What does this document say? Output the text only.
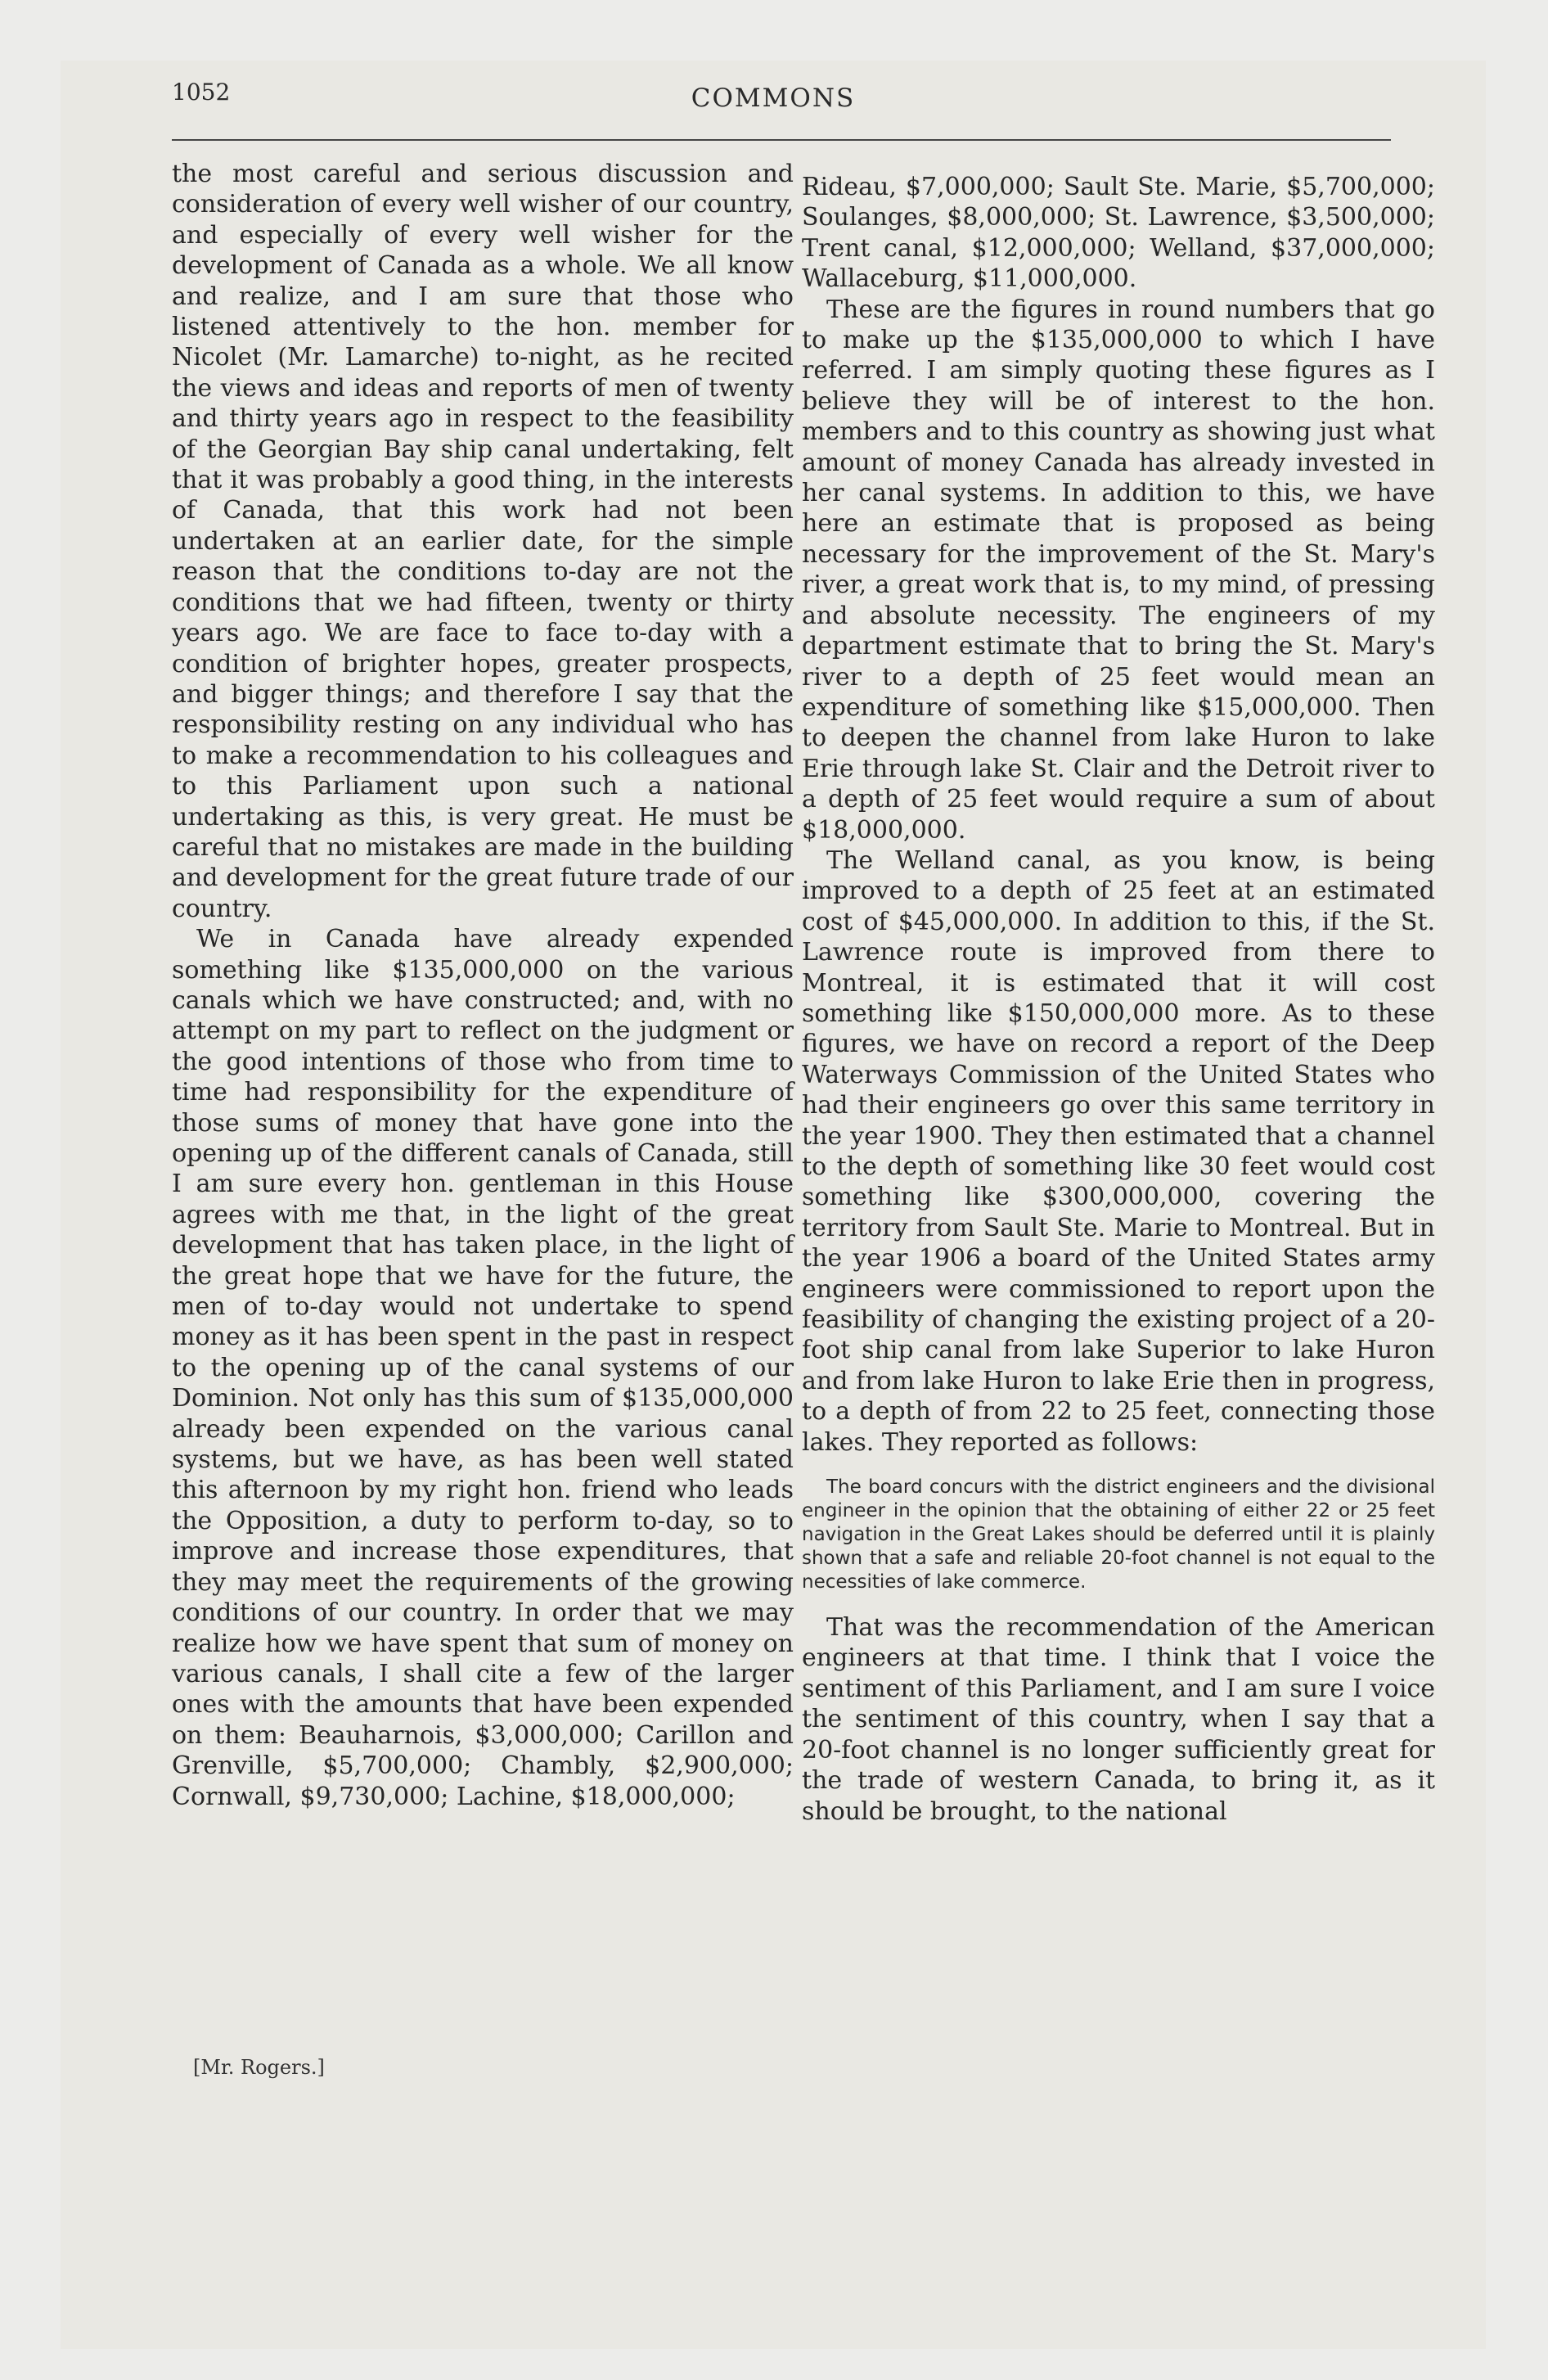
1052	COMMONS

the most careful and serious discussion and consideration of every well wisher of our country, and especially of every well wisher for the development of Canada as a whole. We all know and realize, and I am sure that those who listened attentively to the hon. member for Nicolet (Mr. Lamarche) to-night, as he recited the views and ideas and reports of men of twenty and thirty years ago in respect to the feasibility of the Georgian Bay ship canal undertaking, felt that it was probably a good thing, in the interests of Canada, that this work had not been undertaken at an earlier date, for the simple reason that the conditions to-day are not the conditions that we had fifteen, twenty or thirty years ago. We are face to face to-day with a condition of brighter hopes, greater prospects, and bigger things; and therefore I say that the responsibility resting on any individual who has to make a recommendation to his colleagues and to this Parliament upon such a national undertaking as this, is very great. He must be careful that no mistakes are made in the building and development for the great future trade of our country.

We in Canada have already expended something like $135,000,000 on the various canals which we have constructed; and, with no attempt on my part to reflect on the judgment or the good intentions of those who from time to time had responsibility for the expenditure of those sums of money that have gone into the opening up of the different canals of Canada, still I am sure every hon. gentleman in this House agrees with me that, in the light of the great development that has taken place, in the light of the great hope that we have for the future, the men of to-day would not undertake to spend money as it has been spent in the past in respect to the opening up of the canal systems of our Dominion. Not only has this sum of $135,000,000 already been expended on the various canal systems, but we have, as has been well stated this afternoon by my right hon. friend who leads the Opposition, a duty to perform to-day, so to improve and increase those expenditures, that they may meet the requirements of the growing conditions of our country. In order that we may realize how we have spent that sum of money on various canals, I shall cite a few of the larger ones with the amounts that have been expended on them: Beauharnois, $3,000,000; Carillon and Grenville, $5,700,000; Chambly, $2,900,000; Cornwall, $9,730,000; Lachine, $18,000,000;

[Mr. Rogers.]

Rideau, $7,000,000; Sault Ste. Marie, $5,700,000; Soulanges, $8,000,000; St. Lawrence, $3,500,000; Trent canal, $12,000,000; Welland, $37,000,000; Wallaceburg, $11,000,000.

These are the figures in round numbers that go to make up the $135,000,000 to which I have referred. I am simply quoting these figures as I believe they will be of interest to the hon. members and to this country as showing just what amount of money Canada has already invested in her canal systems. In addition to this, we have here an estimate that is proposed as being necessary for the improvement of the St. Mary's river, a great work that is, to my mind, of pressing and absolute necessity. The engineers of my department estimate that to bring the St. Mary's river to a depth of 25 feet would mean an expenditure of something like $15,000,000. Then to deepen the channel from lake Huron to lake Erie through lake St. Clair and the Detroit river to a depth of 25 feet would require a sum of about $18,000,000.

The Welland canal, as you know, is being improved to a depth of 25 feet at an estimated cost of $45,000,000. In addition to this, if the St. Lawrence route is improved from there to Montreal, it is estimated that it will cost something like $150,000,000 more. As to these figures, we have on record a report of the Deep Waterways Commission of the United States who had their engineers go over this same territory in the year 1900. They then estimated that a channel to the depth of something like 30 feet would cost something like $300,000,000, covering the territory from Sault Ste. Marie to Montreal. But in the year 1906 a board of the United States army engineers were commissioned to report upon the feasibility of changing the existing project of a 20-foot ship canal from lake Superior to lake Huron and from lake Huron to lake Erie then in progress, to a depth of from 22 to 25 feet, connecting those lakes. They reported as follows:

The board concurs with the district engineers and the divisional engineer in the opinion that the obtaining of either 22 or 25 feet navigation in the Great Lakes should be deferred until it is plainly shown that a safe and reliable 20-foot channel is not equal to the necessities of lake commerce.

That was the recommendation of the American engineers at that time. I think that I voice the sentiment of this Parliament, and I am sure I voice the sentiment of this country, when I say that a 20-foot channel is no longer sufficiently great for the trade of western Canada, to bring it, as it should be brought, to the national
